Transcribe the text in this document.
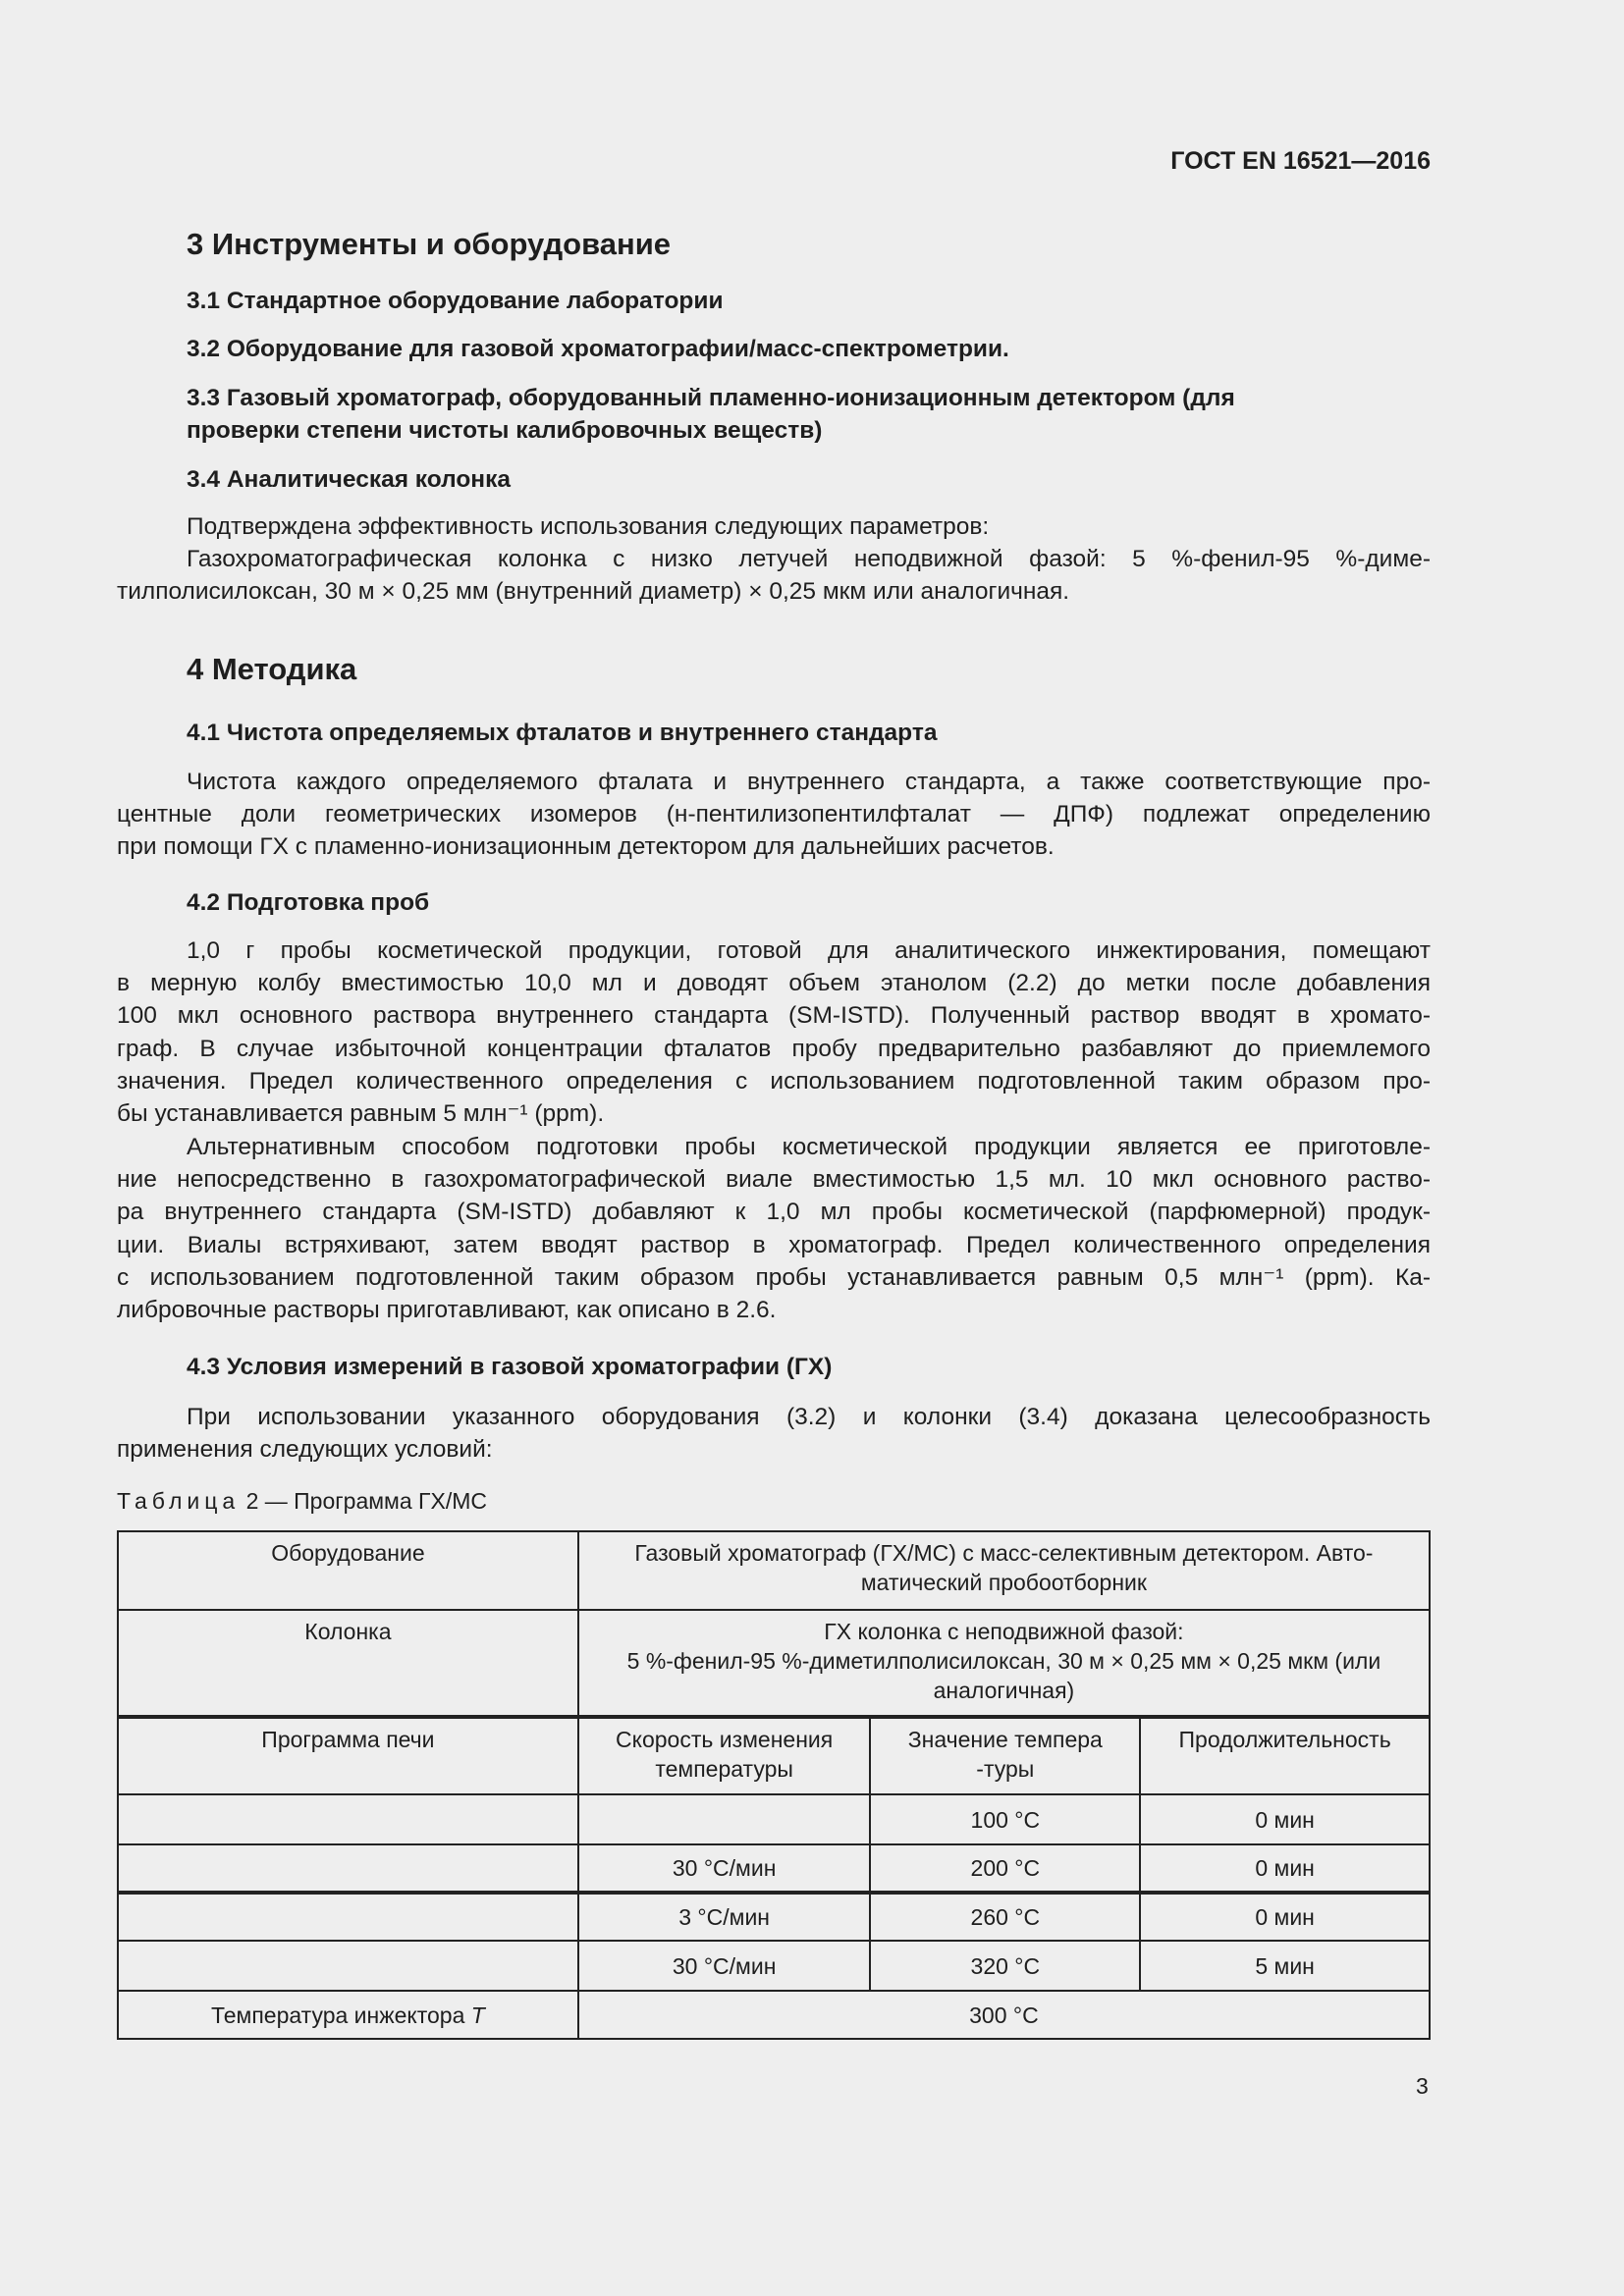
ГОСТ EN 16521—2016
3 Инструменты и оборудование
3.1 Стандартное оборудование лаборатории
3.2 Оборудование для газовой хроматографии/масс-спектрометрии.
3.3 Газовый хроматограф, оборудованный пламенно-ионизационным детектором (для
проверки степени чистоты калибровочных веществ)
3.4 Аналитическая колонка
Подтверждена эффективность использования следующих параметров:
Газохроматографическая колонка с низко летучей неподвижной фазой: 5 %-фенил-95 %-диме-
тилполисилоксан, 30 м × 0,25 мм (внутренний диаметр) × 0,25 мкм или аналогичная.
4 Методика
4.1 Чистота определяемых фталатов и внутреннего стандарта
Чистота каждого определяемого фталата и внутреннего стандарта, а также соответствующие про-
центные доли геометрических изомеров (н-пентилизопентилфталат — ДПФ) подлежат определению
при помощи ГХ с пламенно-ионизационным детектором для дальнейших расчетов.
4.2 Подготовка проб
1,0 г пробы косметической продукции, готовой для аналитического инжектирования, помещают
в мерную колбу вместимостью 10,0 мл и доводят объем этанолом (2.2) до метки после добавления
100 мкл основного раствора внутреннего стандарта (SM-ISTD). Полученный раствор вводят в хромато-
граф. В случае избыточной концентрации фталатов пробу предварительно разбавляют до приемлемого
значения. Предел количественного определения с использованием подготовленной таким образом про-
бы устанавливается равным 5 млн⁻¹ (ppm).
Альтернативным способом подготовки пробы косметической продукции является ее приготовле-
ние непосредственно в газохроматографической виале вместимостью 1,5 мл. 10 мкл основного раство-
ра внутреннего стандарта (SM-ISTD) добавляют к 1,0 мл пробы косметической (парфюмерной) продук-
ции. Виалы встряхивают, затем вводят раствор в хроматограф. Предел количественного определения
с использованием подготовленной таким образом пробы устанавливается равным 0,5 млн⁻¹ (ppm). Ка-
либровочные растворы приготавливают, как описано в 2.6.
4.3 Условия измерений в газовой хроматографии (ГХ)
При использовании указанного оборудования (3.2) и колонки (3.4) доказана целесообразность
применения следующих условий:
Таблица 2 — Программа ГХ/МС
Оборудование	Газовый хроматограф (ГХ/МС) с масс-селективным детектором. Авто-
матический пробоотборник		

Колонка	ГХ колонка с неподвижной фазой:
5 %-фенил-95 %-диметилполисилоксан, 30 м × 0,25 мм × 0,25 мкм (или
аналогичная)		

Программа печи	Скорость изменения температуры	Значение темпера-туры	Продолжительность
		100 °C	0 мин
	30 °C/мин	200 °C	0 мин
	3 °C/мин	260 °C	0 мин
	30 °C/мин	320 °C	5 мин
Температура инжектора T	300 °C		
3
